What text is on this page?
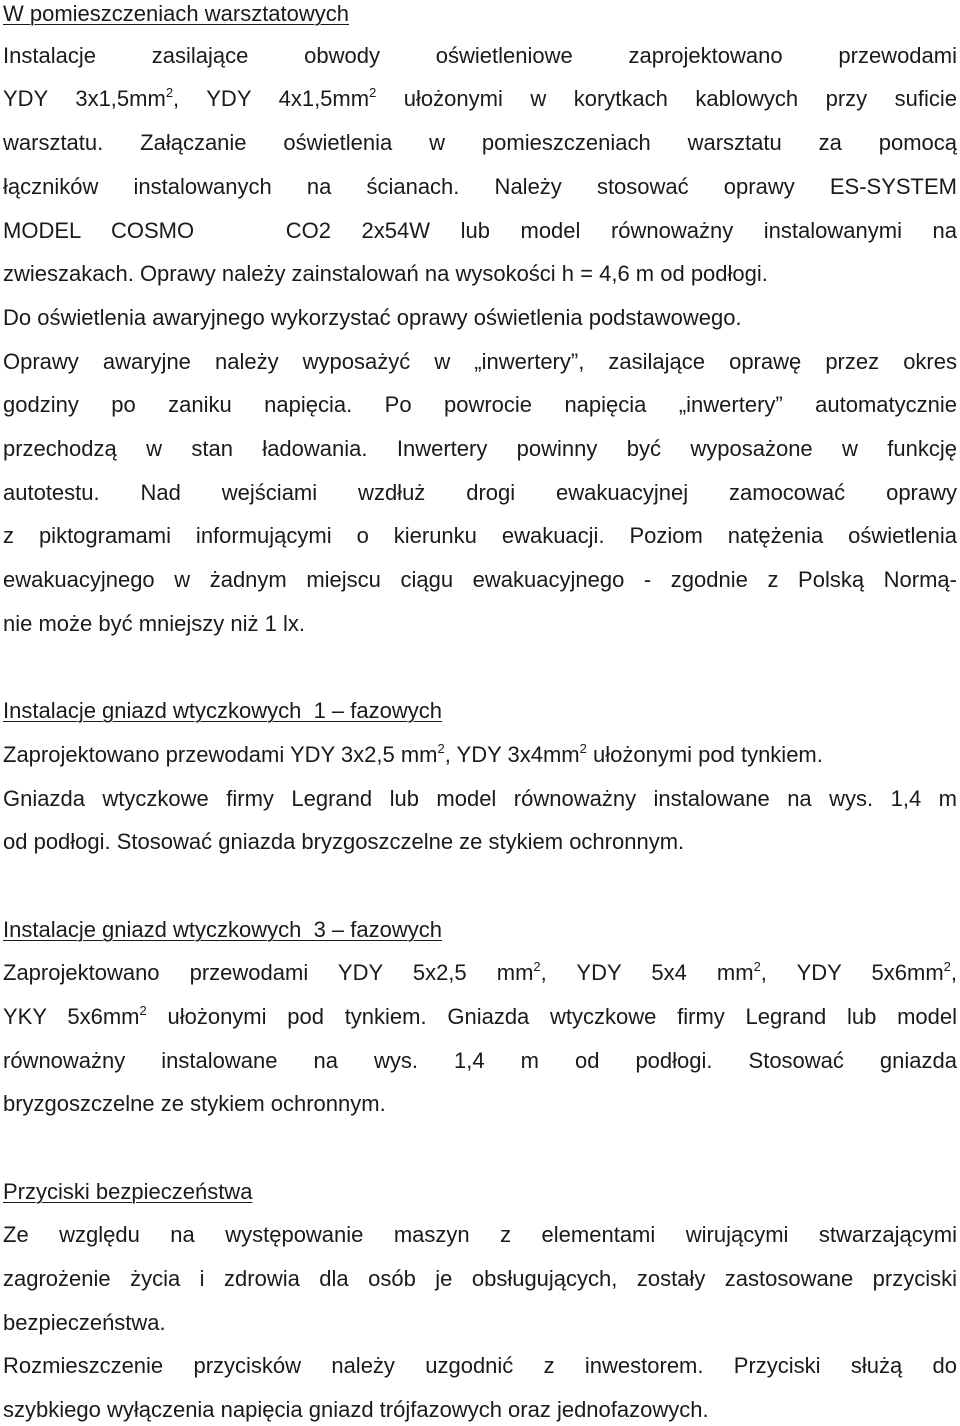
W pomieszczeniach warsztatowych
Instalacje zasilające obwody oświetleniowe zaprojektowano przewodami
YDY $3x1,5mm^2$, YDY $4x1,5mm^2$ ułożonymi w korytkach kablowych przy suficie
warsztatu. Załączanie oświetlenia w pomieszczeniach warsztatu za pomocą
łączników instalowanych na ścianach. Należy stosować oprawy ES-SYSTEM
MODEL COSMO   CO2 2x54W lub model równoważny instalowanymi na
zwieszakach. Oprawy należy zainstalowań na wysokości h = 4,6 m od podłogi.
Do oświetlenia awaryjnego wykorzystać oprawy oświetlenia podstawowego.
Oprawy awaryjne należy wyposażyć w „inwertery”, zasilające oprawę przez okres
godziny po zaniku napięcia. Po powrocie napięcia „inwertery” automatycznie
przechodzą w stan ładowania. Inwertery powinny być wyposażone w funkcję
autotestu. Nad wejściami wzdłuż drogi ewakuacyjnej zamocować oprawy
z piktogramami informującymi o kierunku ewakuacji. Poziom natężenia oświetlenia
ewakuacyjnego w żadnym miejscu ciągu ewakuacyjnego - zgodnie z Polską Normą-
nie może być mniejszy niż 1 lx.
Instalacje gniazd wtyczkowych  1 – fazowych
Zaprojektowano przewodami YDY 3x2,5 $mm^2$, YDY $3x4mm^2$ ułożonymi pod tynkiem.
Gniazda wtyczkowe firmy Legrand lub model równoważny instalowane na wys. 1,4 m
od podłogi. Stosować gniazda bryzgoszczelne ze stykiem ochronnym.
Instalacje gniazd wtyczkowych  3 – fazowych
Zaprojektowano przewodami YDY 5x2,5 $mm^2$, YDY 5x4 $mm^2$, YDY $5x6mm^2$,
YKY $5x6mm^2$ ułożonymi pod tynkiem. Gniazda wtyczkowe firmy Legrand lub model
równoważny instalowane na wys. 1,4 m od podłogi. Stosować gniazda
bryzgoszczelne ze stykiem ochronnym.
Przyciski bezpieczeństwa
Ze względu na występowanie maszyn z elementami wirującymi stwarzającymi
zagrożenie życia i zdrowia dla osób je obsługujących, zostały zastosowane przyciski
bezpieczeństwa.
Rozmieszczenie przycisków należy uzgodnić z inwestorem. Przyciski służą do
szybkiego wyłączenia napięcia gniazd trójfazowych oraz jednofazowych.
